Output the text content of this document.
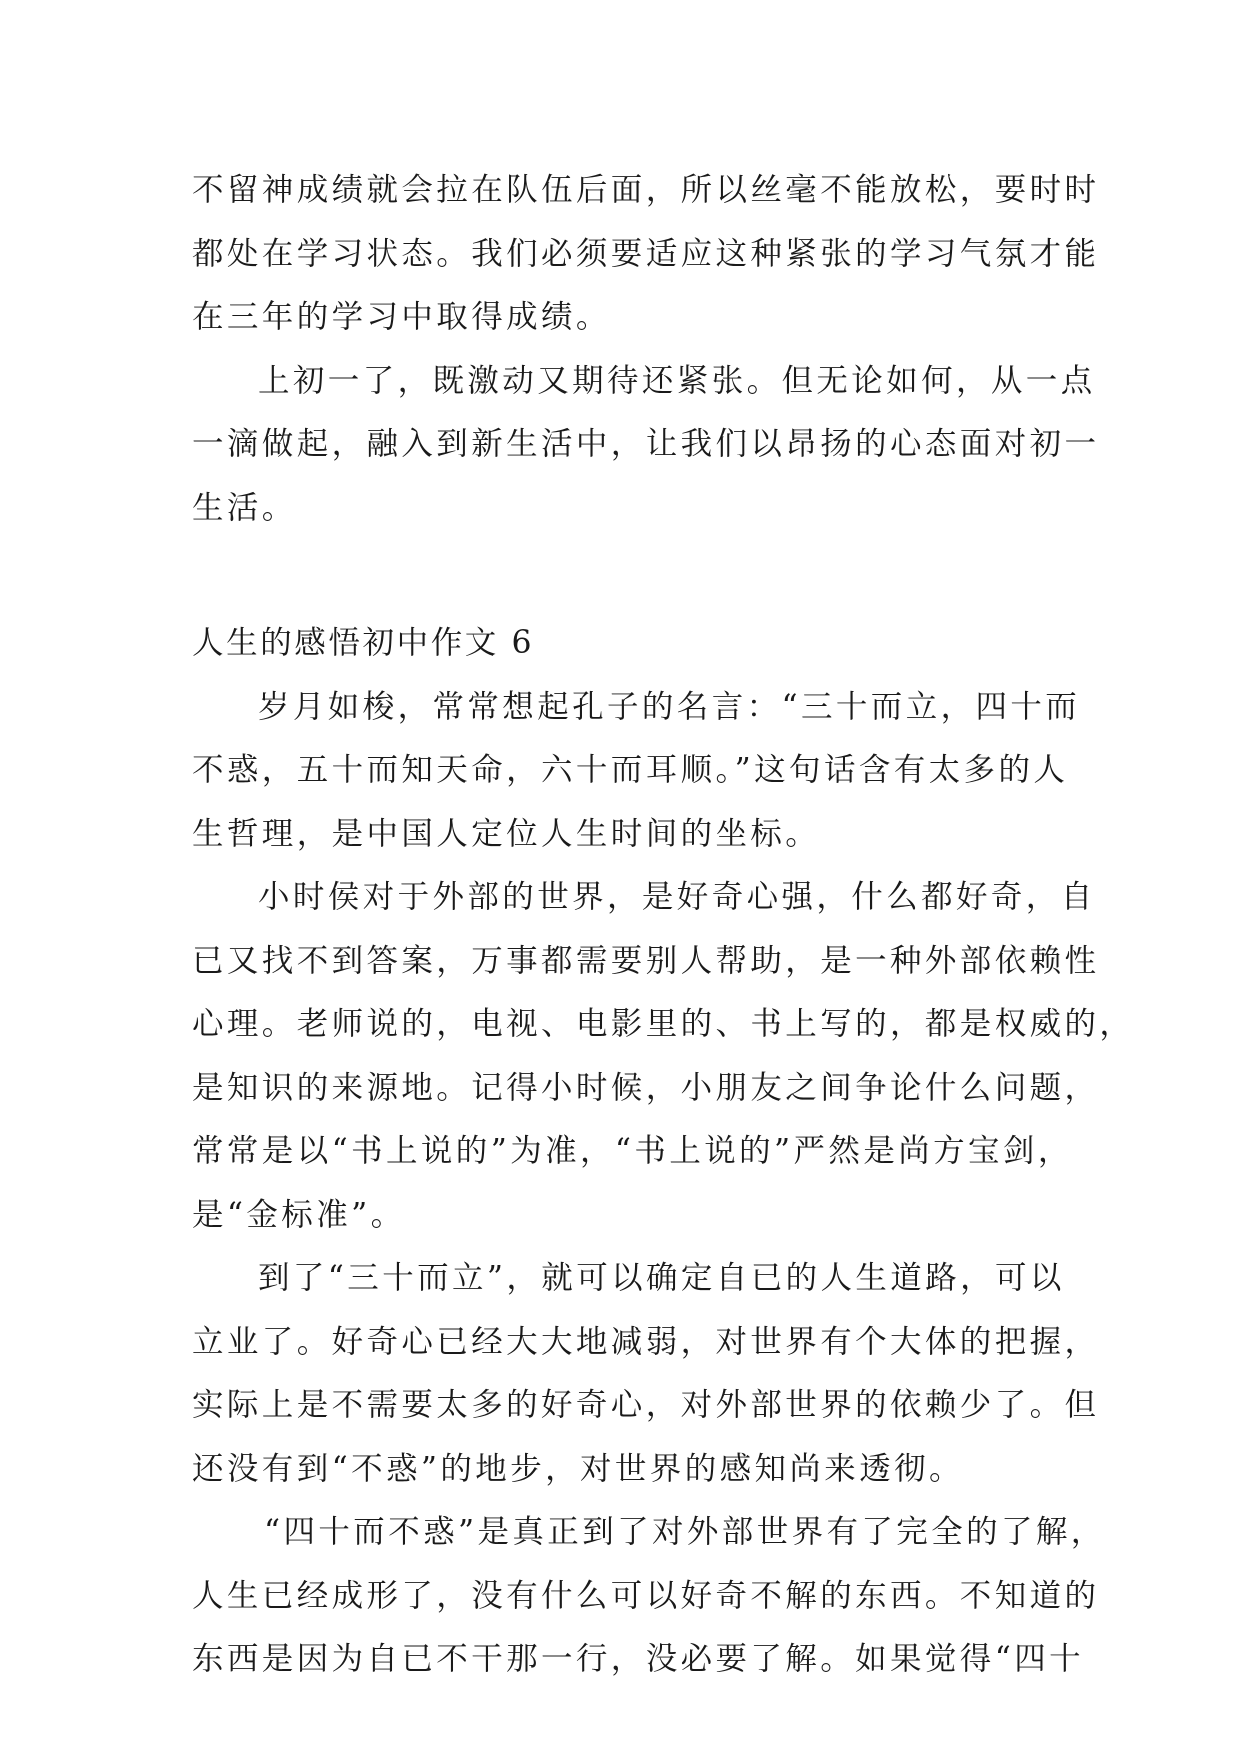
不留神成绩就会拉在队伍后面，所以丝毫不能放松，要时时
都处在学习状态。我们必须要适应这种紧张的学习气氛才能
在三年的学习中取得成绩。
上初一了，既激动又期待还紧张。但无论如何，从一点
一滴做起，融入到新生活中，让我们以昂扬的心态面对初一
生活。
人生的感悟初中作文 6
岁月如梭，常常想起孔子的名言：“三十而立，四十而
不惑，五十而知天命，六十而耳顺。”这句话含有太多的人
生哲理，是中国人定位人生时间的坐标。
小时侯对于外部的世界，是好奇心强，什么都好奇，自
已又找不到答案，万事都需要别人帮助，是一种外部依赖性
心理。老师说的，电视、电影里的、书上写的，都是权威的，
是知识的来源地。记得小时候，小朋友之间争论什么问题，
常常是以“书上说的”为准，“书上说的”严然是尚方宝剑，
是“金标准”。
到了“三十而立”，就可以确定自已的人生道路，可以
立业了。好奇心已经大大地减弱，对世界有个大体的把握，
实际上是不需要太多的好奇心，对外部世界的依赖少了。但
还没有到“不惑”的地步，对世界的感知尚来透彻。
“四十而不惑”是真正到了对外部世界有了完全的了解，
人生已经成形了，没有什么可以好奇不解的东西。不知道的
东西是因为自已不干那一行，没必要了解。如果觉得“四十
